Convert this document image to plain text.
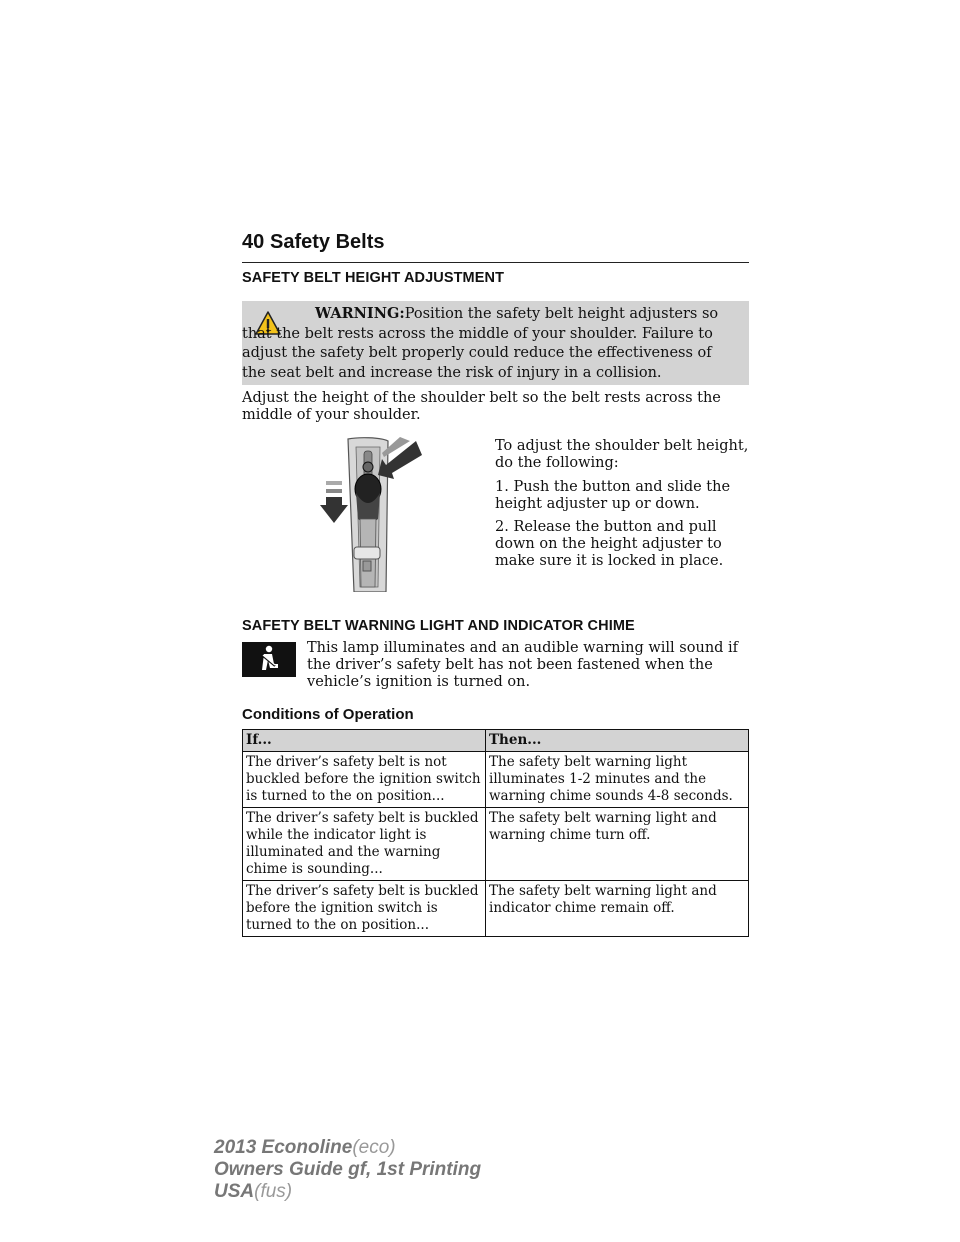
40 Safety Belts
SAFETY BELT HEIGHT ADJUSTMENT
WARNING:Position the safety belt height adjusters so that the belt rests across the middle of your shoulder. Failure to adjust the safety belt properly could reduce the effectiveness of the seat belt and increase the risk of injury in a collision.
Adjust the height of the shoulder belt so the belt rests across the middle of your shoulder.
To adjust the shoulder belt height, do the following:
1. Push the button and slide the height adjuster up or down.
2. Release the button and pull down on the height adjuster to make sure it is locked in place.
SAFETY BELT WARNING LIGHT AND INDICATOR CHIME
This lamp illuminates and an audible warning will sound if the driver’s safety belt has not been fastened when the vehicle’s ignition is turned on.
Conditions of Operation
If...	Then...
The driver’s safety belt is not buckled before the ignition switch is turned to the on position...	The safety belt warning light illuminates 1-2 minutes and the warning chime sounds 4-8 seconds.
The driver’s safety belt is buckled while the indicator light is illuminated and the warning chime is sounding...	The safety belt warning light and warning chime turn off.
The driver’s safety belt is buckled before the ignition switch is turned to the on position...	The safety belt warning light and indicator chime remain off.
2013 Econoline(eco)
Owners Guide gf, 1st Printing
USA(fus)
